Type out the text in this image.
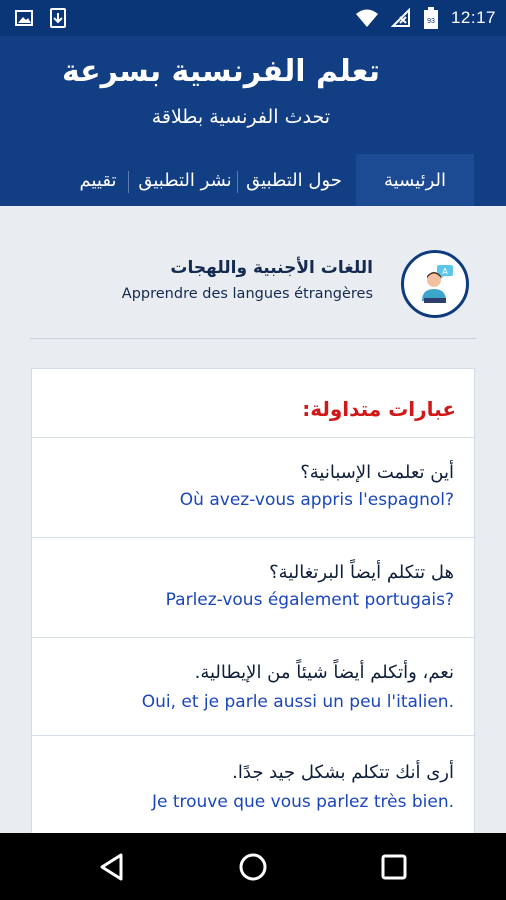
93 12:17
تعلم الفرنسية بسرعة
تحدث الفرنسية بطلاقة
الرئيسية
حول التطبيق
نشر التطبيق
تقييم
A
اللغات الأجنبية واللهجات
Apprendre des langues étrangères
عبارات متداولة:
أين تعلمت الإسبانية؟
Où avez-vous appris l'espagnol?
هل تتكلم أيضاً البرتغالية؟
Parlez-vous également portugais?
نعم، وأتكلم أيضاً شيئاً من الإيطالية.
Oui, et je parle aussi un peu l'italien.
أرى أنك تتكلم بشكل جيد جدًا.
Je trouve que vous parlez très bien.
